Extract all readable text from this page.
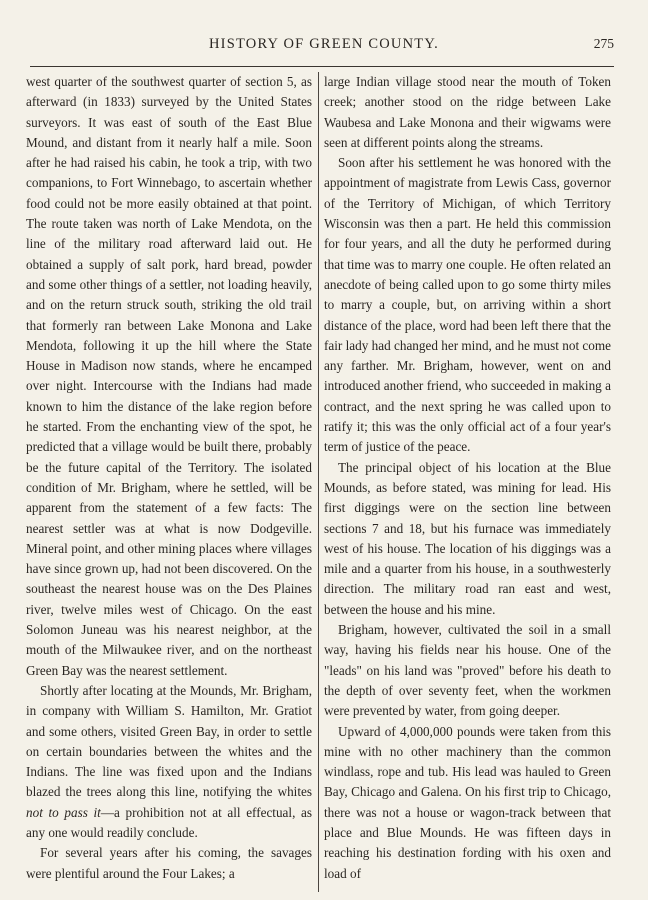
HISTORY OF GREEN COUNTY.	275

west quarter of the southwest quarter of section 5, as afterward (in 1833) surveyed by the United States surveyors. It was east of south of the East Blue Mound, and distant from it nearly half a mile. Soon after he had raised his cabin, he took a trip, with two companions, to Fort Winnebago, to ascertain whether food could not be more easily obtained at that point. The route taken was north of Lake Mendota, on the line of the military road afterward laid out. He obtained a supply of salt pork, hard bread, powder and some other things of a settler, not loading heavily, and on the return struck south, striking the old trail that formerly ran between Lake Monona and Lake Mendota, following it up the hill where the State House in Madison now stands, where he encamped over night. Intercourse with the Indians had made known to him the distance of the lake region before he started. From the enchanting view of the spot, he predicted that a village would be built there, probably be the future capital of the Territory. The isolated condition of Mr. Brigham, where he settled, will be apparent from the statement of a few facts: The nearest settler was at what is now Dodgeville. Mineral point, and other mining places where villages have since grown up, had not been discovered. On the southeast the nearest house was on the Des Plaines river, twelve miles west of Chicago. On the east Solomon Juneau was his nearest neighbor, at the mouth of the Milwaukee river, and on the northeast Green Bay was the nearest settlement.

Shortly after locating at the Mounds, Mr. Brigham, in company with William S. Hamilton, Mr. Gratiot and some others, visited Green Bay, in order to settle on certain boundaries between the whites and the Indians. The line was fixed upon and the Indians blazed the trees along this line, notifying the whites not to pass it—a prohibition not at all effectual, as any one would readily conclude.

For several years after his coming, the savages were plentiful around the Four Lakes; a

large Indian village stood near the mouth of Token creek; another stood on the ridge between Lake Waubesa and Lake Monona and their wigwams were seen at different points along the streams.

Soon after his settlement he was honored with the appointment of magistrate from Lewis Cass, governor of the Territory of Michigan, of which Territory Wisconsin was then a part. He held this commission for four years, and all the duty he performed during that time was to marry one couple. He often related an anecdote of being called upon to go some thirty miles to marry a couple, but, on arriving within a short distance of the place, word had been left there that the fair lady had changed her mind, and he must not come any farther. Mr. Brigham, however, went on and introduced another friend, who succeeded in making a contract, and the next spring he was called upon to ratify it; this was the only official act of a four year's term of justice of the peace.

The principal object of his location at the Blue Mounds, as before stated, was mining for lead. His first diggings were on the section line between sections 7 and 18, but his furnace was immediately west of his house. The location of his diggings was a mile and a quarter from his house, in a southwesterly direction. The military road ran east and west, between the house and his mine.

Brigham, however, cultivated the soil in a small way, having his fields near his house. One of the "leads" on his land was "proved" before his death to the depth of over seventy feet, when the workmen were prevented by water, from going deeper.

Upward of 4,000,000 pounds were taken from this mine with no other machinery than the common windlass, rope and tub. His lead was hauled to Green Bay, Chicago and Galena. On his first trip to Chicago, there was not a house or wagon-track between that place and Blue Mounds. He was fifteen days in reaching his destination fording with his oxen and load of
